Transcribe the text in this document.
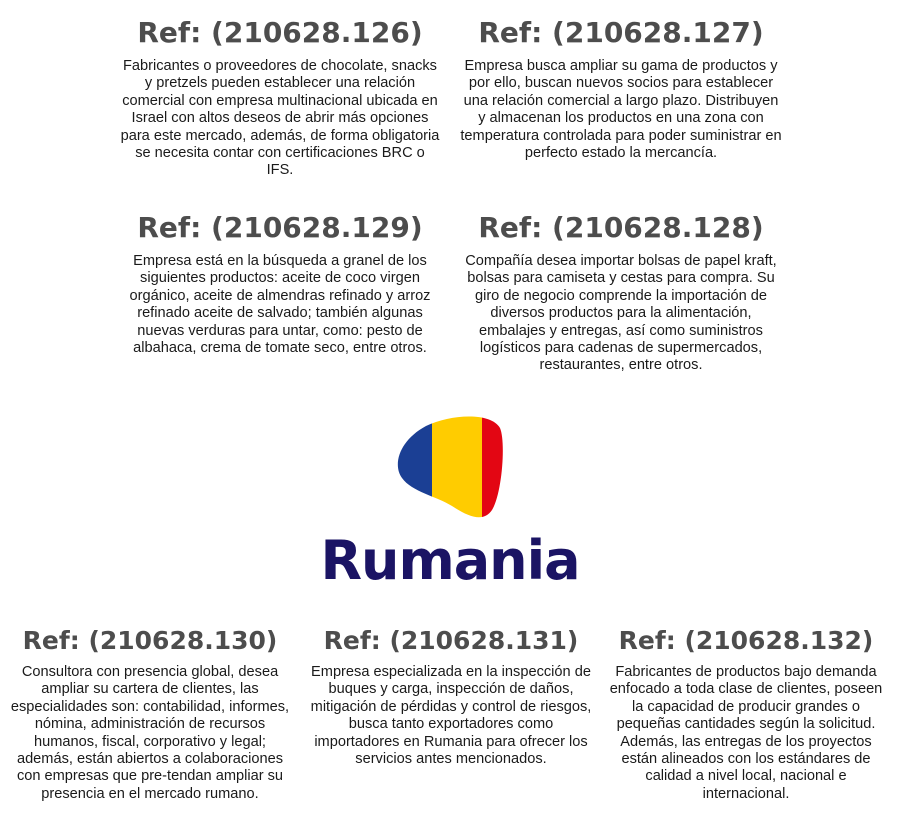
Ref: (210628.126)

Fabricantes o proveedores de chocolate, snacks y pretzels pueden establecer una relación comercial con empresa multinacional ubicada en Israel con altos deseos de abrir más opciones para este mercado, además, de forma obligatoria se necesita contar con certificaciones BRC o IFS.

Ref: (210628.127)

Empresa busca ampliar su gama de productos y por ello, buscan nuevos socios para establecer una relación comercial a largo plazo. Distribuyen y almacenan los productos en una zona con temperatura controlada para poder suministrar en perfecto estado la mercancía.

Ref: (210628.129)

Empresa está en la búsqueda a granel de los siguientes productos: aceite de coco virgen orgánico, aceite de almendras refinado y arroz refinado aceite de salvado; también algunas nuevas verduras para untar, como: pesto de albahaca, crema de tomate seco, entre otros.

Ref: (210628.128)

Compañía desea importar bolsas de papel kraft, bolsas para camiseta y cestas para compra. Su giro de negocio comprende la importación de diversos productos para la alimentación, embalajes y entregas, así como suministros logísticos para cadenas de supermercados, restaurantes, entre otros.

Rumania

Ref: (210628.130)

Consultora con presencia global, desea ampliar su cartera de clientes, las especialidades son: contabilidad, informes, nómina, administración de recursos humanos, fiscal, corporativo y legal; además, están abiertos a colaboraciones con empresas que pre-tendan ampliar su presencia en el mercado rumano.

Ref: (210628.131)

Empresa especializada en la inspección de buques y carga, inspección de daños, mitigación de pérdidas y control de riesgos, busca tanto exportadores como importadores en Rumania para ofrecer los servicios antes mencionados.

Ref: (210628.132)

Fabricantes de productos bajo demanda enfocado a toda clase de clientes, poseen la capacidad de producir grandes o pequeñas cantidades según la solicitud. Además, las entregas de los proyectos están alineados con los estándares de calidad a nivel local, nacional e internacional.
